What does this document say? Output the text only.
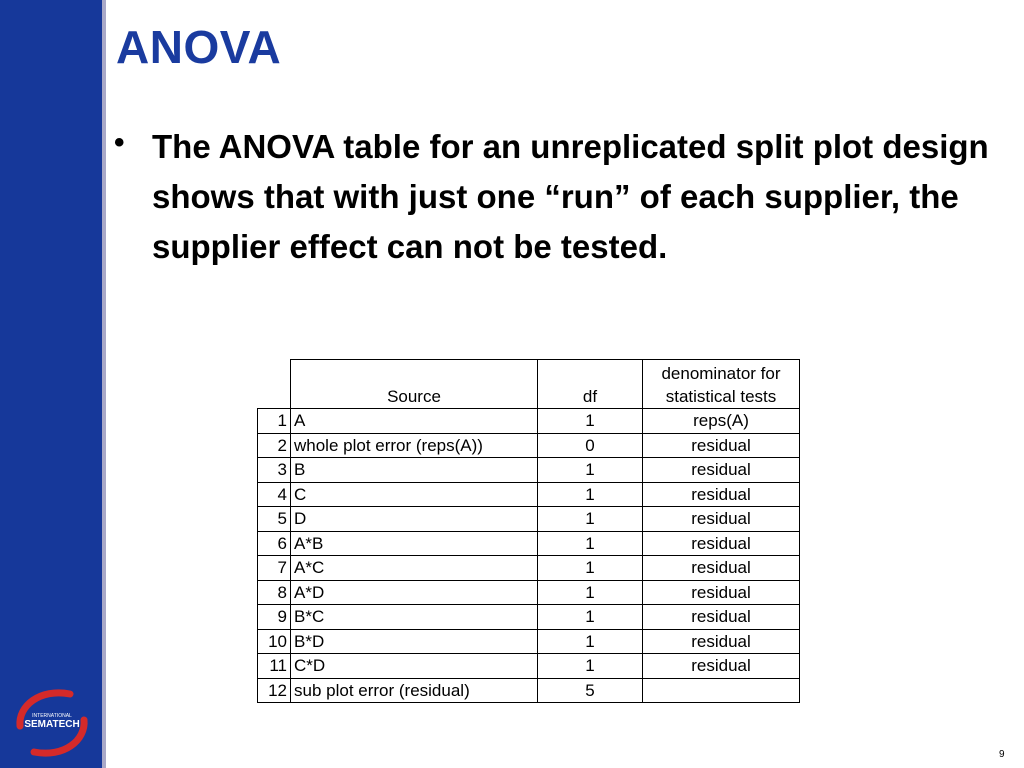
ANOVA
• The ANOVA table for an unreplicated split plot design shows that with just one “run” of each supplier, the supplier effect can not be tested.

	Source	df	denominator for
statistical tests
1	A	1	reps(A)
2	whole plot error (reps(A))	0	residual
3	B	1	residual
4	C	1	residual
5	D	1	residual
6	A*B	1	residual
7	A*C	1	residual
8	A*D	1	residual
9	B*C	1	residual
10	B*D	1	residual
11	C*D	1	residual
12	sub plot error (residual)	5	
INTERNATIONAL
SEMATECH
9
